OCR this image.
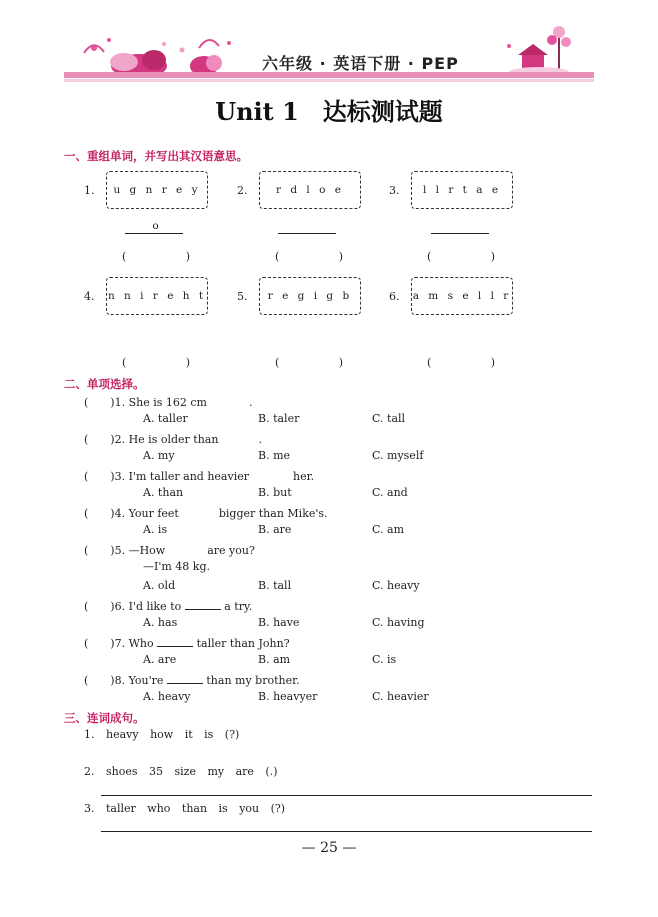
六年级 · 英语下册 · PEP
Unit 1　达标测试题
一、重组单词，并写出其汉语意思。
1.	u g n r e y o
(	)
2.	r d l o e
(	)
3.	l l r t a e
(	)
4. n n i r e h t
(	)
5.	r e g i g b
(	)
6. a m s e l l r
(	)
二、单项选择。
(　　)1. She is 162 cm	.
A. taller	B. taler	C. tall
(　　)2. He is older than	.
A. my	B. me	C. myself
(　　)3. I'm taller and heavier	her.
A. than	B. but	C. and
(　　)4. Your feet	bigger than Mike's.
A. is	B. are	C. am
(　　)5. —How	are you?
—I'm 48 kg.
A. old	B. tall	C. heavy
(　　)6. I'd like to	a try.
A. has	B. have	C. having
(　　)7. Who	taller than John?
A. are	B. am	C. is
(　　)8. You're	than my brother.
A. heavy	B. heavyer	C. heavier
三、连词成句。
1. heavy how it is (?)
2. shoes 35 size my are (.)
3. taller who than is you (?)
— 25 —
